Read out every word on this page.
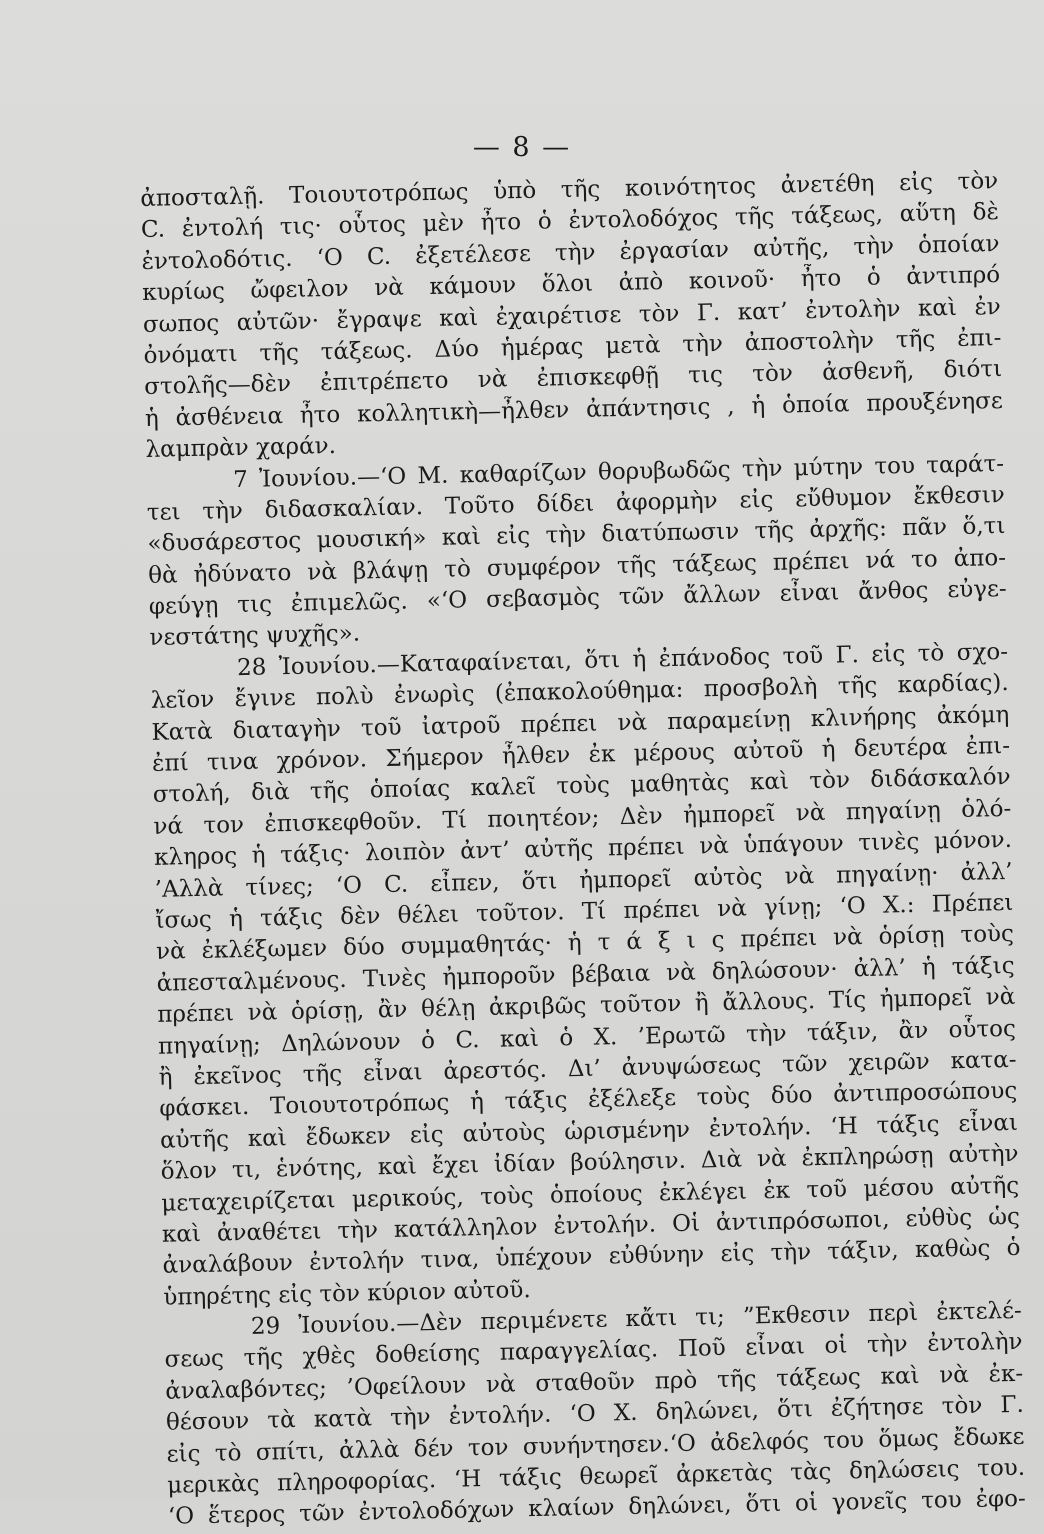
— 8 —
ἀποσταλῇ. Τοιουτοτρόπως ὑπὸ τῆς κοινότητος ἀνετέθη εἰς τὸν
C. ἐντολή τις· οὗτος μὲν ἦτο ὁ ἐντολοδόχος τῆς τάξεως, αὕτη δὲ
ἐντολοδότις. ‘Ο C. ἐξετέλεσε τὴν ἐργασίαν αὐτῆς, τὴν ὁποίαν
κυρίως ὤφειλον νὰ κάμουν ὅλοι ἀπὸ κοινοῦ· ἦτο ὁ ἀντιπρό
σωπος αὐτῶν· ἔγραψε καὶ ἐχαιρέτισε τὸν Γ. κατ’ ἐντολὴν καὶ ἐν
ὀνόματι τῆς τάξεως. Δύο ἡμέρας μετὰ τὴν ἀποστολὴν τῆς ἐπι-
στολῆς—δὲν ἐπιτρέπετο νὰ ἐπισκεφθῇ τις τὸν ἀσθενῆ, διότι
ἡ ἀσθένεια ἦτο κολλητικὴ—ἦλθεν ἀπάντησις , ἡ ὁποία προυξένησε
λαμπρὰν χαράν.
7 Ἰουνίου.—‘Ο Μ. καθαρίζων θορυβωδῶς τὴν μύτην του ταράτ-
τει τὴν διδασκαλίαν. Τοῦτο δίδει ἀφορμὴν εἰς εὔθυμον ἔκθεσιν
«δυσάρεστος μουσική» καὶ εἰς τὴν διατύπωσιν τῆς ἀρχῆς: πᾶν ὅ,τι
θὰ ἠδύνατο νὰ βλάψῃ τὸ συμφέρον τῆς τάξεως πρέπει νά το ἀπο-
φεύγῃ τις ἐπιμελῶς. «‘Ο σεβασμὸς τῶν ἄλλων εἶναι ἄνθος εὐγε-
νεστάτης ψυχῆς».
28 Ἰουνίου.—Καταφαίνεται, ὅτι ἡ ἐπάνοδος τοῦ Γ. εἰς τὸ σχο-
λεῖον ἔγινε πολὺ ἐνωρὶς (ἐπακολούθημα: προσβολὴ τῆς καρδίας).
Κατὰ διαταγὴν τοῦ ἰατροῦ πρέπει νὰ παραμείνῃ κλινήρης ἀκόμη
ἐπί τινα χρόνον. Σήμερον ἦλθεν ἐκ μέρους αὐτοῦ ἡ δευτέρα ἐπι-
στολή, διὰ τῆς ὁποίας καλεῖ τοὺς μαθητὰς καὶ τὸν διδάσκαλόν
νά τον ἐπισκεφθοῦν. Τί ποιητέον; Δὲν ἠμπορεῖ νὰ πηγαίνῃ ὁλό-
κληρος ἡ τάξις· λοιπὸν ἀντ’ αὐτῆς πρέπει νὰ ὑπάγουν τινὲς μόνον.
’Αλλὰ τίνες; ‘Ο C. εἶπεν, ὅτι ἠμπορεῖ αὐτὸς νὰ πηγαίνῃ· ἀλλ’
ἴσως ἡ τάξις δὲν θέλει τοῦτον. Τί πρέπει νὰ γίνῃ; ‘Ο Χ.: Πρέπει
νὰ ἐκλέξωμεν δύο συμμαθητάς· ἡ τ ά ξ ι ς πρέπει νὰ ὁρίσῃ τοὺς
ἀπεσταλμένους. Τινὲς ἠμποροῦν βέβαια νὰ δηλώσουν· ἀλλ’ ἡ τάξις
πρέπει νὰ ὁρίσῃ, ἂν θέλῃ ἀκριβῶς τοῦτον ἢ ἄλλους. Τίς ἠμπορεῖ νὰ
πηγαίνῃ; Δηλώνουν ὁ C. καὶ ὁ Χ. ’Ερωτῶ τὴν τάξιν, ἂν οὗτος
ἢ ἐκεῖνος τῆς εἶναι ἀρεστός. Δι’ ἀνυψώσεως τῶν χειρῶν κατα-
φάσκει. Τοιουτοτρόπως ἡ τάξις ἐξέλεξε τοὺς δύο ἀντιπροσώπους
αὐτῆς καὶ ἔδωκεν εἰς αὐτοὺς ὡρισμένην ἐντολήν. ‘Η τάξις εἶναι
ὅλον τι, ἑνότης, καὶ ἔχει ἰδίαν βούλησιν. Διὰ νὰ ἐκπληρώσῃ αὐτὴν
μεταχειρίζεται μερικούς, τοὺς ὁποίους ἐκλέγει ἐκ τοῦ μέσου αὐτῆς
καὶ ἀναθέτει τὴν κατάλληλον ἐντολήν. Οἱ ἀντιπρόσωποι, εὐθὺς ὡς
ἀναλάβουν ἐντολήν τινα, ὑπέχουν εὐθύνην εἰς τὴν τάξιν, καθὼς ὁ
ὑπηρέτης εἰς τὸν κύριον αὐτοῦ.
29 Ἰουνίου.—Δὲν περιμένετε κἄτι τι; ”Εκθεσιν περὶ ἐκτελέ-
σεως τῆς χθὲς δοθείσης παραγγελίας. Ποῦ εἶναι οἱ τὴν ἐντολὴν
ἀναλαβόντες; ’Οφείλουν νὰ σταθοῦν πρὸ τῆς τάξεως καὶ νὰ ἐκ-
θέσουν τὰ κατὰ τὴν ἐντολήν. ‘Ο Χ. δηλώνει, ὅτι ἐζήτησε τὸν Γ.
εἰς τὸ σπίτι, ἀλλὰ δέν τον συνήντησεν.‘Ο ἀδελφός του ὅμως ἔδωκε
μερικὰς πληροφορίας. ‘Η τάξις θεωρεῖ ἀρκετὰς τὰς δηλώσεις του.
‘Ο ἕτερος τῶν ἐντολοδόχων κλαίων δηλώνει, ὅτι οἱ γονεῖς του ἐφο-
